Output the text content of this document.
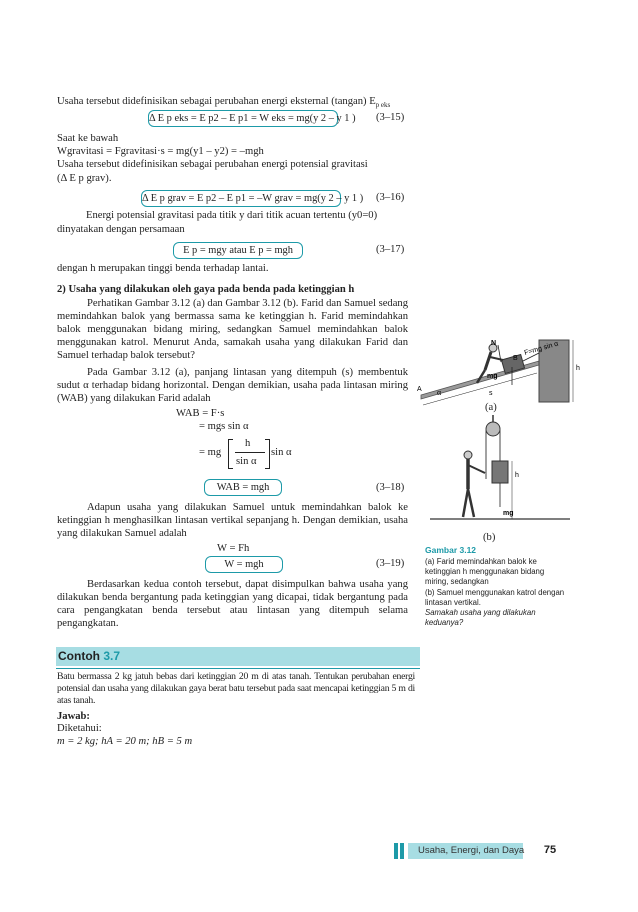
Usaha tersebut didefinisikan sebagai perubahan energi eksternal (tangan) $E_{p eks}$
Δ E p eks = E p2 – E p1 = W eks = mg(y 2 – y 1 ) (3–15)
Saat ke bawah
Wgravitasi = Fgravitasi·s = mg(y1 – y2) = –mgh
Usaha tersebut didefinisikan sebagai perubahan energi potensial gravitasi
(Δ E p grav).
Δ E p grav = E p2 – E p1 = –W grav = mg(y 2 – y 1 ) (3–16)
Energi potensial gravitasi pada titik y dari titik acuan tertentu (y0=0)
dinyatakan dengan persamaan
E p = mgy atau E p = mgh	(3–17)
dengan h merupakan tinggi benda terhadap lantai.
2) Usaha yang dilakukan oleh gaya pada benda pada ketinggian h
Perhatikan Gambar 3.12 (a) dan Gambar 3.12 (b). Farid dan Samuel sedang memindahkan balok yang bermassa sama ke ketinggian h. Farid memindahkan balok menggunakan bidang miring, sedangkan Samuel memindahkan balok menggunakan katrol. Menurut Anda, samakah usaha yang dilakukan Farid dan Samuel terhadap balok tersebut?
Pada Gambar 3.12 (a), panjang lintasan yang ditempuh (s) membentuk sudut α terhadap bidang horizontal. Dengan demikian, usaha pada lintasan miring (WAB) yang dilakukan Farid adalah
WAB = F·s
= mgs sin α
= mg
h
sin α
sin α
WAB = mgh	(3–18)
Adapun usaha yang dilakukan Samuel untuk memindahkan balok ke ketinggian h menghasilkan lintasan vertikal sepanjang h. Dengan demikian, usaha yang dilakukan Samuel adalah
W = Fh
W = mgh	(3–19)
Berdasarkan kedua contoh tersebut, dapat disimpulkan bahwa usaha yang dilakukan benda bergantung pada ketinggian yang dicapai, tidak bergantung pada cara pengangkatan benda tersebut atau lintasan yang ditempuh selama pengangkatan.
Contoh 3.7
Batu bermassa 2 kg jatuh bebas dari ketinggian 20 m di atas tanah. Tentukan perubahan energi potensial dan usaha yang dilakukan gaya berat batu tersebut pada saat mencapai ketinggian 5 m di atas tanah.
Jawab:
Diketahui:
m = 2 kg; hA = 20 m; hB = 5 m
N	F=mg sin α
B
A α
mg
s
h
(a)
h
mg
(b)
Gambar 3.12
(a) Farid memindahkan balok ke ketinggian h menggunakan bidang miring, sedangkan
(b) Samuel menggunakan katrol dengan lintasan vertikal.
Samakah usaha yang dilakukan keduanya?
Usaha, Energi, dan Daya	75
